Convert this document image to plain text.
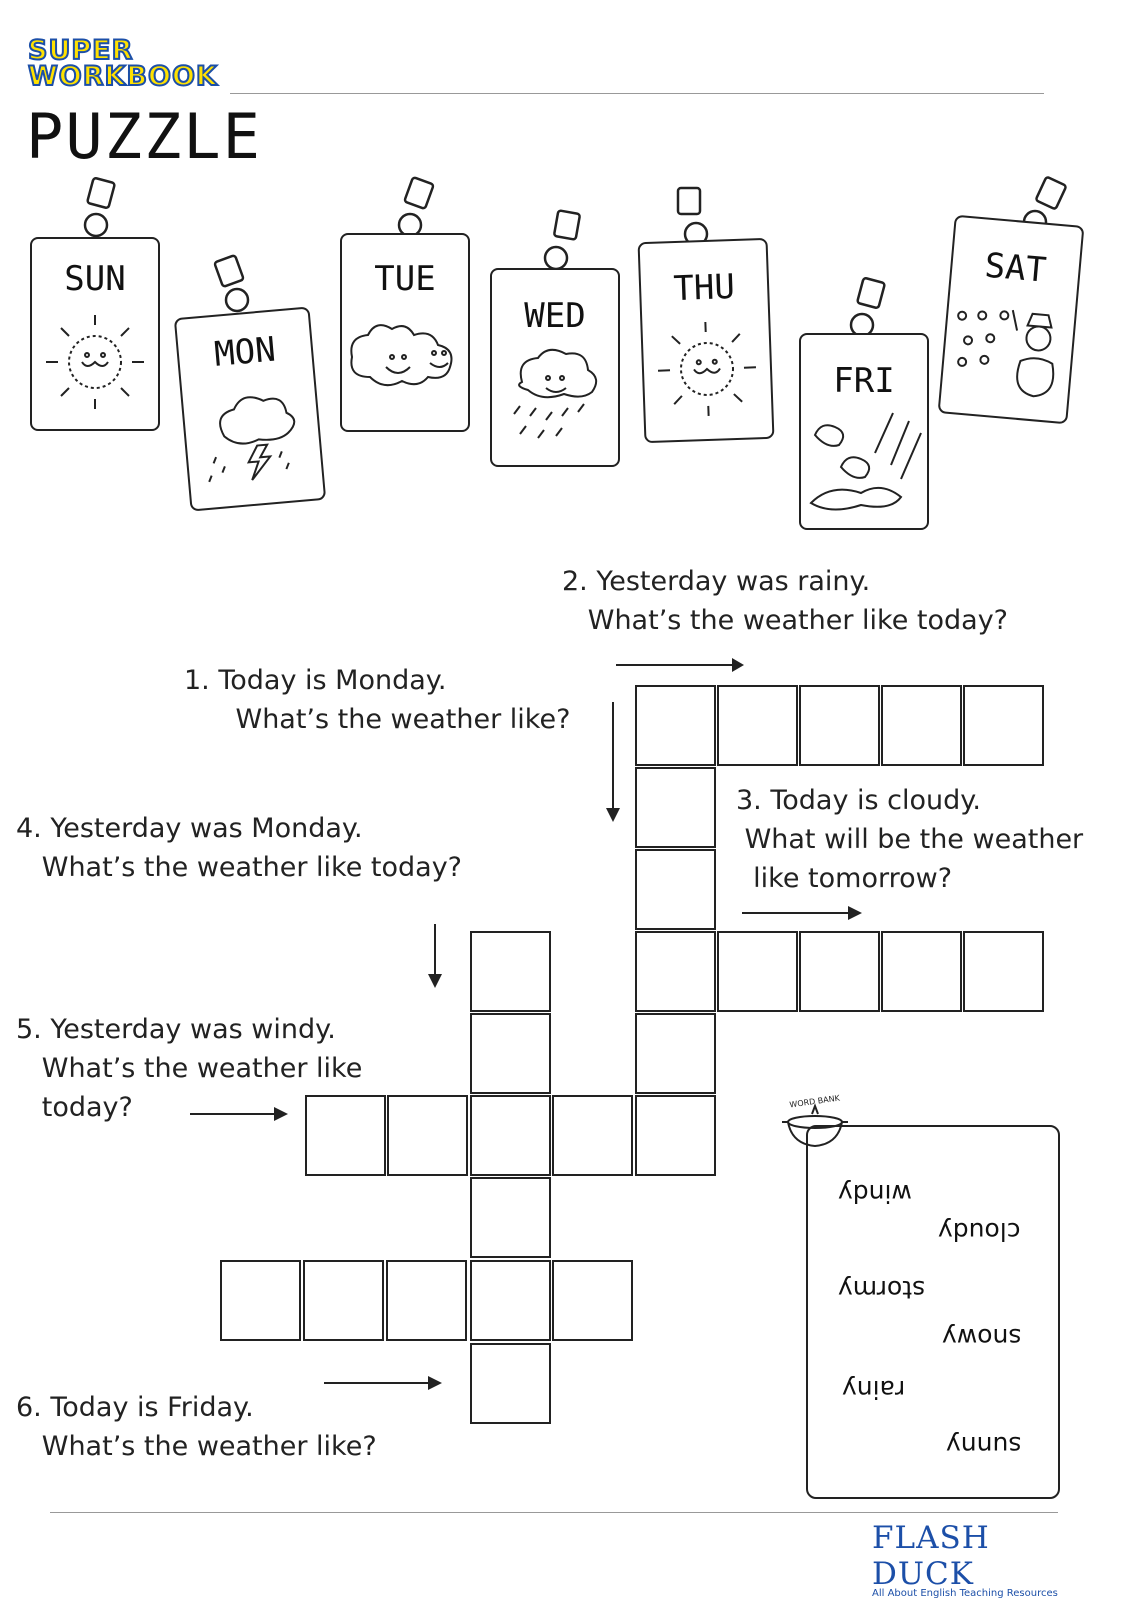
SUPER
WORKBOOK
PUZZLE
SUN
MON
TUE
WED
THU
FRI
SAT
2. Yesterday was rainy.
What’s the weather like today?
1. Today is Monday.
What’s the weather like?
3. Today is cloudy.
What will be the weather
like tomorrow?
4. Yesterday was Monday.
What’s the weather like today?
5. Yesterday was windy.
What’s the weather like
today?
6. Today is Friday.
What’s the weather like?
WORD BANK
windy
cloudy
stormy
snowy
rainy
sunny
FLASH DUCK
All About English Teaching Resources
